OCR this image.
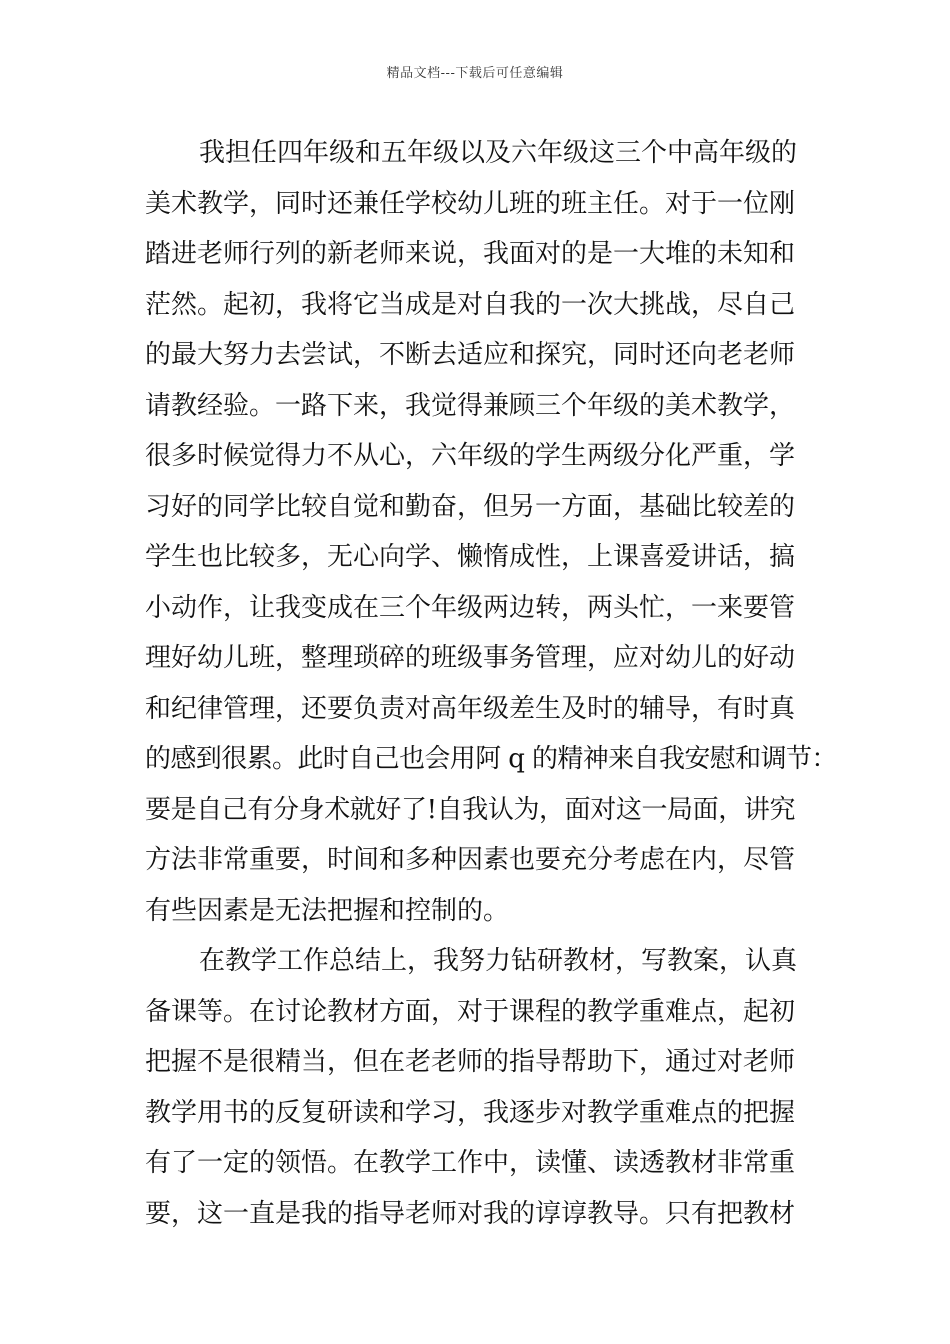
精品文档---下载后可任意编辑
我担任四年级和五年级以及六年级这三个中高年级的
美术教学，同时还兼任学校幼儿班的班主任。对于一位刚
踏进老师行列的新老师来说，我面对的是一大堆的未知和
茫然。起初，我将它当成是对自我的一次大挑战，尽自己
的最大努力去尝试，不断去适应和探究，同时还向老老师
请教经验。一路下来，我觉得兼顾三个年级的美术教学，
很多时候觉得力不从心，六年级的学生两级分化严重，学
习好的同学比较自觉和勤奋，但另一方面，基础比较差的
学生也比较多，无心向学、懒惰成性，上课喜爱讲话，搞
小动作，让我变成在三个年级两边转，两头忙，一来要管
理好幼儿班，整理琐碎的班级事务管理，应对幼儿的好动
和纪律管理，还要负责对高年级差生及时的辅导，有时真
的感到很累。此时自己也会用阿 q 的精神来自我安慰和调节：
要是自己有分身术就好了!自我认为，面对这一局面，讲究
方法非常重要，时间和多种因素也要充分考虑在内，尽管
有些因素是无法把握和控制的。
在教学工作总结上，我努力钻研教材，写教案，认真
备课等。在讨论教材方面，对于课程的教学重难点，起初
把握不是很精当，但在老老师的指导帮助下，通过对老师
教学用书的反复研读和学习，我逐步对教学重难点的把握
有了一定的领悟。在教学工作中，读懂、读透教材非常重
要，这一直是我的指导老师对我的谆谆教导。只有把教材
